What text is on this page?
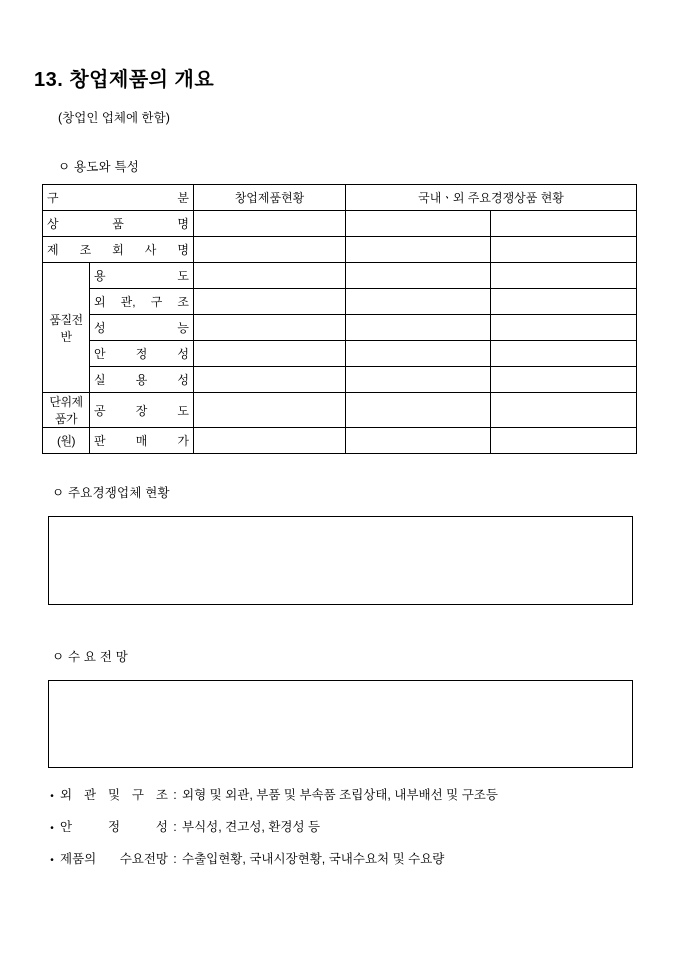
13. 창업제품의 개요
(창업인 업체에 한함)
ㅇ 용도와 특성
구 분		창업제품현황	국내ㆍ외 주요경쟁상품 현황	
상 품 명				
제 조 회 사 명				
품질전반	용 도			
	외 관, 구 조			
	성 능			
	안 정 성			
	실 용 성			
단위제품가	공 장 도			
(원)	판 매 가			
ㅇ 주요경쟁업체 현황
ㅇ 수 요 전 망
• 외 관 및 구 조 : 외형 및 외관, 부품 및 부속품 조립상태, 내부배선 및 구조등
• 안 정 성 : 부식성, 견고성, 환경성 등
• 제품의 수요전망 : 수출입현황, 국내시장현황, 국내수요처 및 수요량
